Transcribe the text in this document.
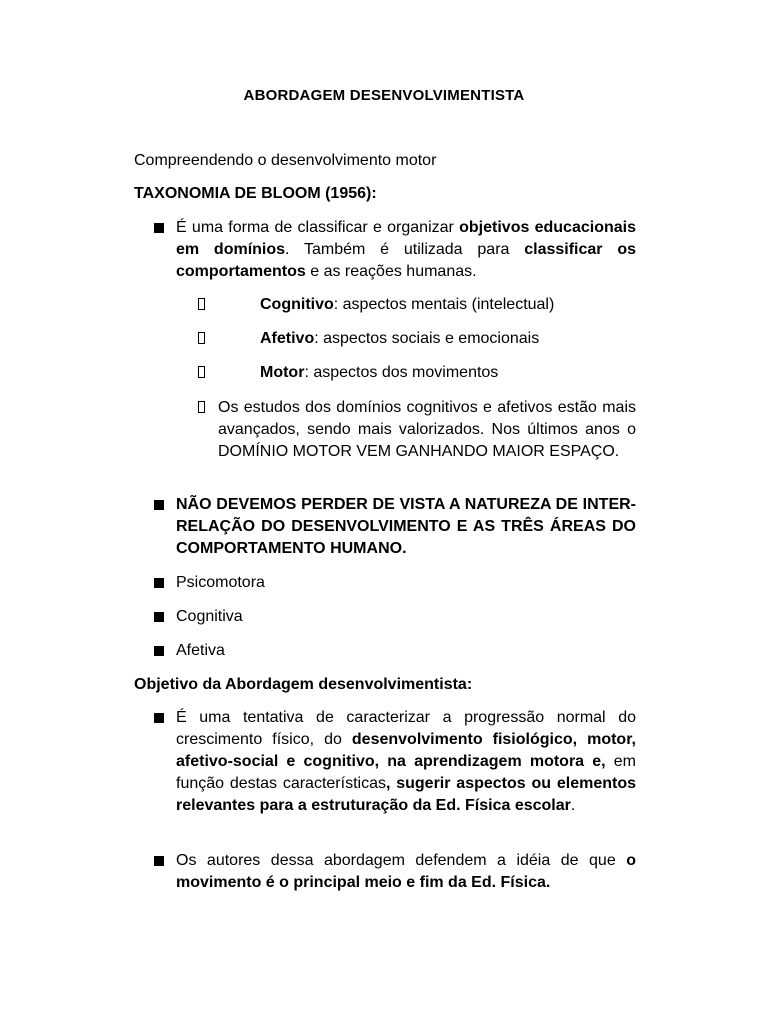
ABORDAGEM DESENVOLVIMENTISTA
Compreendendo o desenvolvimento motor
TAXONOMIA DE BLOOM (1956):
É uma forma de classificar e organizar objetivos educacionais em domínios. Também é utilizada para classificar os comportamentos e as reações humanas.
Cognitivo: aspectos mentais (intelectual)
Afetivo: aspectos sociais e emocionais
Motor: aspectos dos movimentos
Os estudos dos domínios cognitivos e afetivos estão mais avançados, sendo mais valorizados. Nos últimos anos o DOMÍNIO MOTOR VEM GANHANDO MAIOR ESPAÇO.
NÃO DEVEMOS PERDER DE VISTA A NATUREZA DE INTER-RELAÇÃO DO DESENVOLVIMENTO E AS TRÊS ÁREAS DO COMPORTAMENTO HUMANO.
Psicomotora
Cognitiva
Afetiva
Objetivo da Abordagem desenvolvimentista:
É uma tentativa de caracterizar a progressão normal do crescimento físico, do desenvolvimento fisiológico, motor, afetivo-social e cognitivo, na aprendizagem motora e, em função destas características, sugerir aspectos ou elementos relevantes para a estruturação da Ed. Física escolar.
Os autores dessa abordagem defendem a idéia de que o movimento é o principal meio e fim da Ed. Física.
